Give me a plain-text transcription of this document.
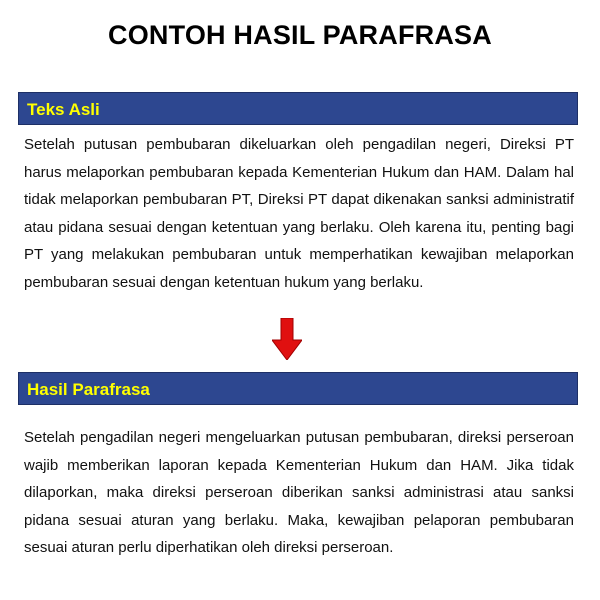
CONTOH HASIL PARAFRASA
Teks Asli
Setelah putusan pembubaran dikeluarkan oleh pengadilan negeri, Direksi PT harus melaporkan pembubaran kepada Kementerian Hukum dan HAM. Dalam hal tidak melaporkan pembubaran PT, Direksi PT dapat dikenakan sanksi administratif atau pidana sesuai dengan ketentuan yang berlaku. Oleh karena itu, penting bagi PT yang melakukan pembubaran untuk memperhatikan kewajiban melaporkan pembubaran sesuai dengan ketentuan hukum yang berlaku.
Hasil Parafrasa
Setelah pengadilan negeri mengeluarkan putusan pembubaran, direksi perseroan wajib memberikan laporan kepada Kementerian Hukum dan HAM. Jika tidak dilaporkan, maka direksi perseroan diberikan sanksi administrasi atau sanksi pidana sesuai aturan yang berlaku. Maka, kewajiban pelaporan pembubaran sesuai aturan perlu diperhatikan oleh direksi perseroan.
